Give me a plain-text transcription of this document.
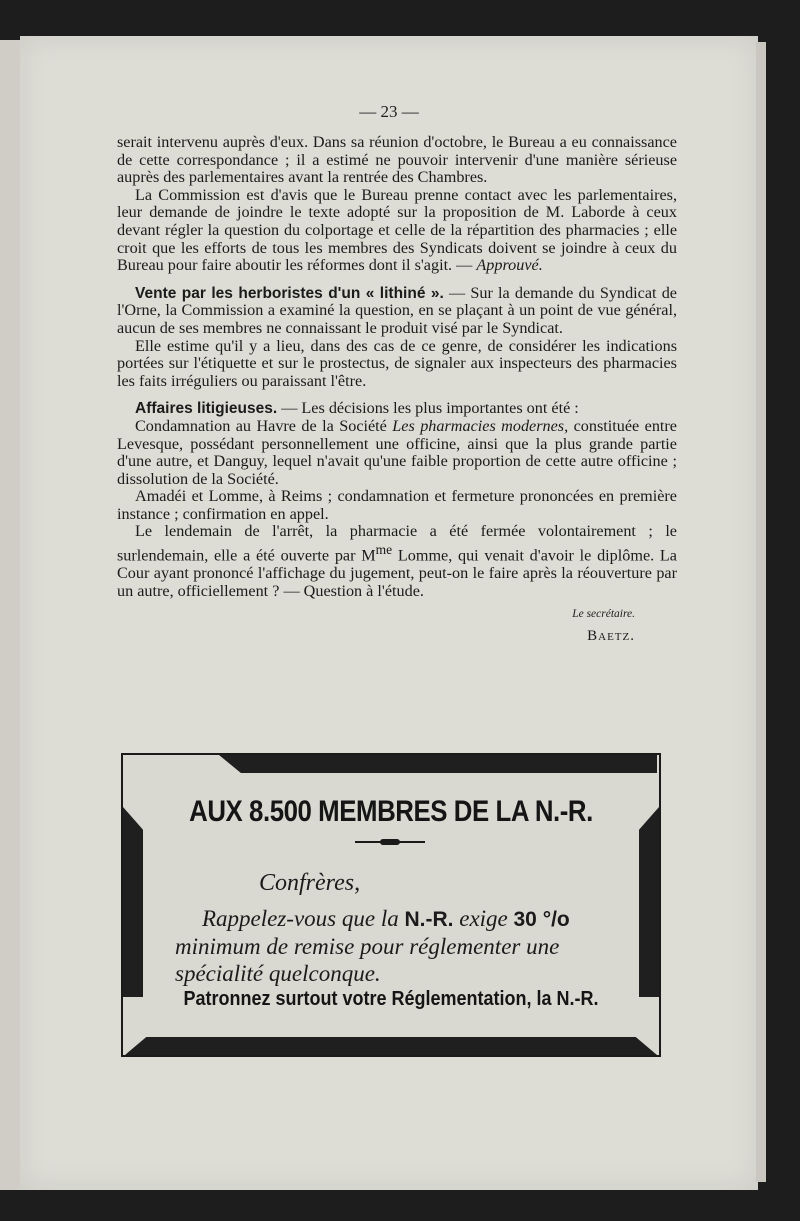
— 23 —

serait intervenu auprès d'eux. Dans sa réunion d'octobre, le Bureau a eu connaissance de cette correspondance ; il a estimé ne pouvoir intervenir d'une manière sérieuse auprès des parlementaires avant la rentrée des Chambres.

La Commission est d'avis que le Bureau prenne contact avec les parlementaires, leur demande de joindre le texte adopté sur la proposition de M. Laborde à ceux devant régler la question du colportage et celle de la répartition des pharmacies ; elle croit que les efforts de tous les membres des Syndicats doivent se joindre à ceux du Bureau pour faire aboutir les réformes dont il s'agit. — Approuvé.

Vente par les herboristes d'un « lithiné ». — Sur la demande du Syndicat de l'Orne, la Commission a examiné la question, en se plaçant à un point de vue général, aucun de ses membres ne connaissant le produit visé par le Syndicat.

Elle estime qu'il y a lieu, dans des cas de ce genre, de considérer les indications portées sur l'étiquette et sur le prostectus, de signaler aux inspecteurs des pharmacies les faits irréguliers ou paraissant l'être.

Affaires litigieuses. — Les décisions les plus importantes ont été :

Condamnation au Havre de la Société Les pharmacies modernes, constituée entre Levesque, possédant personnellement une officine, ainsi que la plus grande partie d'une autre, et Danguy, lequel n'avait qu'une faible proportion de cette autre officine ; dissolution de la Société.

Amadéi et Lomme, à Reims ; condamnation et fermeture prononcées en première instance ; confirmation en appel.

Le lendemain de l'arrêt, la pharmacie a été fermée volontairement ; le surlendemain, elle a été ouverte par $M^{me}$ Lomme, qui venait d'avoir le diplôme. La Cour ayant prononcé l'affichage du jugement, peut-on le faire après la réouverture par un autre, officiellement ? — Question à l'étude.

Le secrétaire.

Baetz.

AUX 8.500 MEMBRES DE LA N.-R.
Confrères,
Rappelez-vous que la N.-R. exige 30 °/o
minimum de remise pour réglementer une
spécialité quelconque.
Patronnez surtout votre Réglementation, la N.-R.
